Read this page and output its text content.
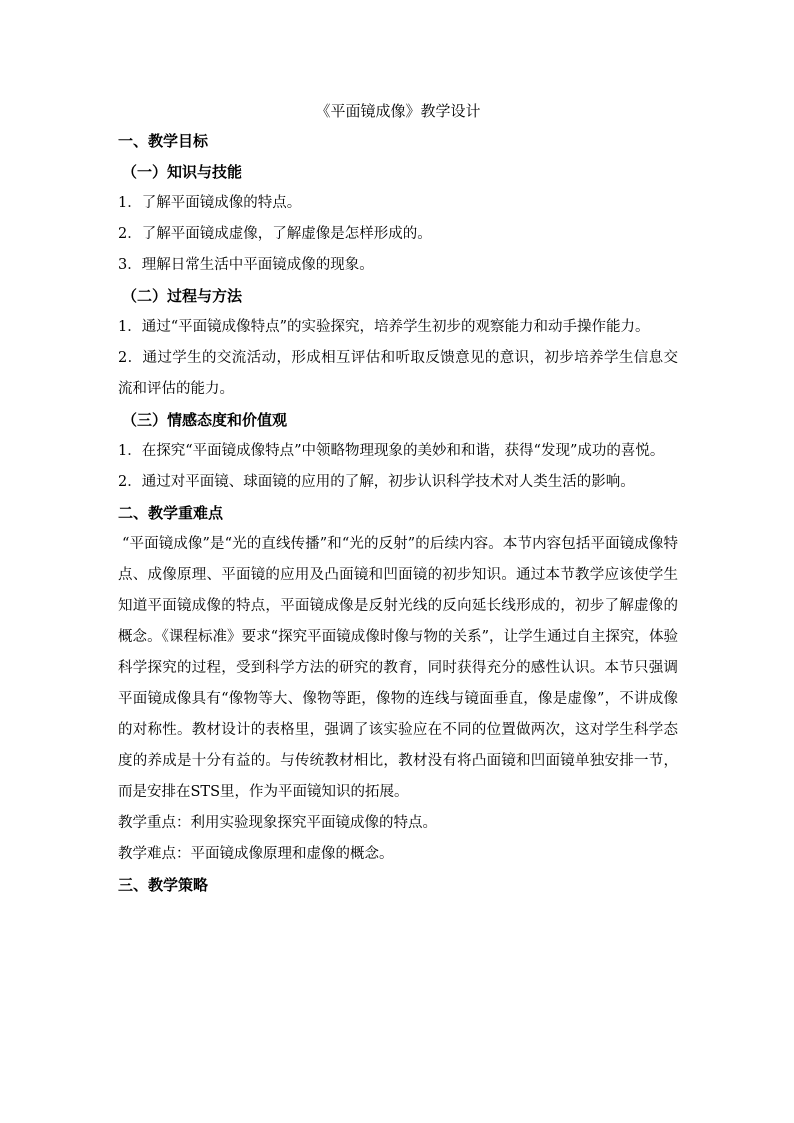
《平面镜成像》教学设计
一、教学目标
（一）知识与技能
1．了解平面镜成像的特点。
2．了解平面镜成虚像，了解虚像是怎样形成的。
3．理解日常生活中平面镜成像的现象。
（二）过程与方法
1．通过“平面镜成像特点”的实验探究，培养学生初步的观察能力和动手操作能力。
2．通过学生的交流活动，形成相互评估和听取反馈意见的意识，初步培养学生信息交流和评估的能力。
（三）情感态度和价值观
1．在探究“平面镜成像特点”中领略物理现象的美妙和和谐，获得“发现”成功的喜悦。
2．通过对平面镜、球面镜的应用的了解，初步认识科学技术对人类生活的影响。
二、教学重难点
“平面镜成像”是“光的直线传播”和“光的反射”的后续内容。本节内容包括平面镜成像特点、成像原理、平面镜的应用及凸面镜和凹面镜的初步知识。通过本节教学应该使学生知道平面镜成像的特点，平面镜成像是反射光线的反向延长线形成的，初步了解虚像的概念。《课程标准》要求“探究平面镜成像时像与物的关系”，让学生通过自主探究，体验科学探究的过程，受到科学方法的研究的教育，同时获得充分的感性认识。本节只强调平面镜成像具有“像物等大、像物等距，像物的连线与镜面垂直，像是虚像”，不讲成像的对称性。教材设计的表格里，强调了该实验应在不同的位置做两次，这对学生科学态度的养成是十分有益的。与传统教材相比，教材没有将凸面镜和凹面镜单独安排一节，而是安排在STS里，作为平面镜知识的拓展。
教学重点：利用实验现象探究平面镜成像的特点。
教学难点：平面镜成像原理和虚像的概念。
三、教学策略
